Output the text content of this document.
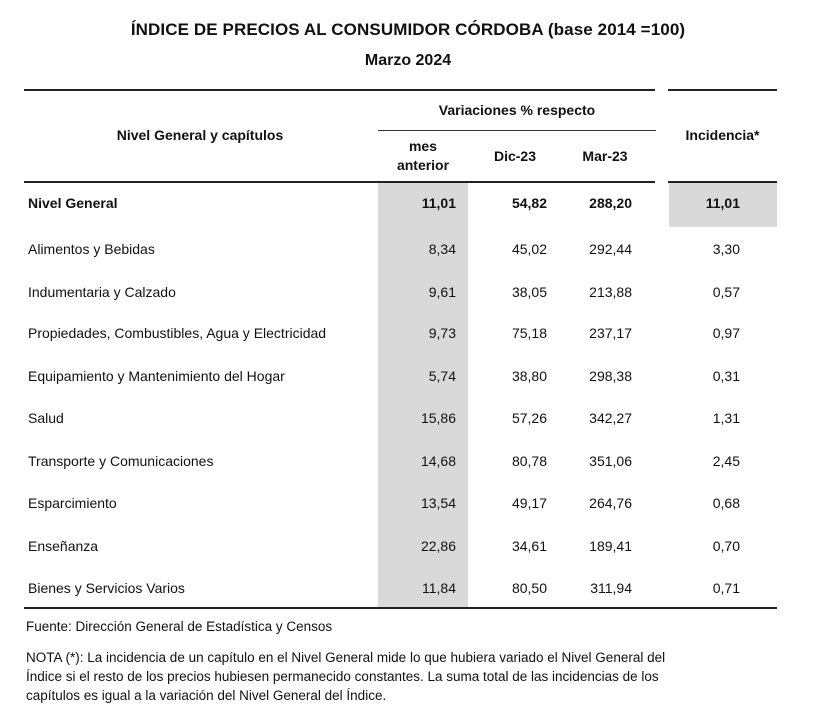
ÍNDICE DE PRECIOS AL CONSUMIDOR CÓRDOBA (base 2014 =100)
Marzo 2024
Variaciones % respecto
Nivel General y capítulos
mes
anterior
Dic-23	Mar-23
Incidencia*
Nivel General	11,01	54,82	288,20	11,01
Alimentos y Bebidas	8,34	45,02	292,44	3,30
Indumentaria y Calzado	9,61	38,05	213,88	0,57
Propiedades, Combustibles, Agua y Electricidad	9,73	75,18	237,17	0,97
Equipamiento y Mantenimiento del Hogar	5,74	38,80	298,38	0,31
Salud	15,86	57,26	342,27	1,31
Transporte y Comunicaciones	14,68	80,78	351,06	2,45
Esparcimiento	13,54	49,17	264,76	0,68
Enseñanza	22,86	34,61	189,41	0,70
Bienes y Servicios Varios	11,84	80,50	311,94	0,71
Fuente: Dirección General de Estadística y Censos
NOTA (*): La incidencia de un capítulo en el Nivel General mide lo que hubiera variado el Nivel General del
Índice si el resto de los precios hubiesen permanecido constantes. La suma total de las incidencias de los
capítulos es igual a la variación del Nivel General del Índice.
